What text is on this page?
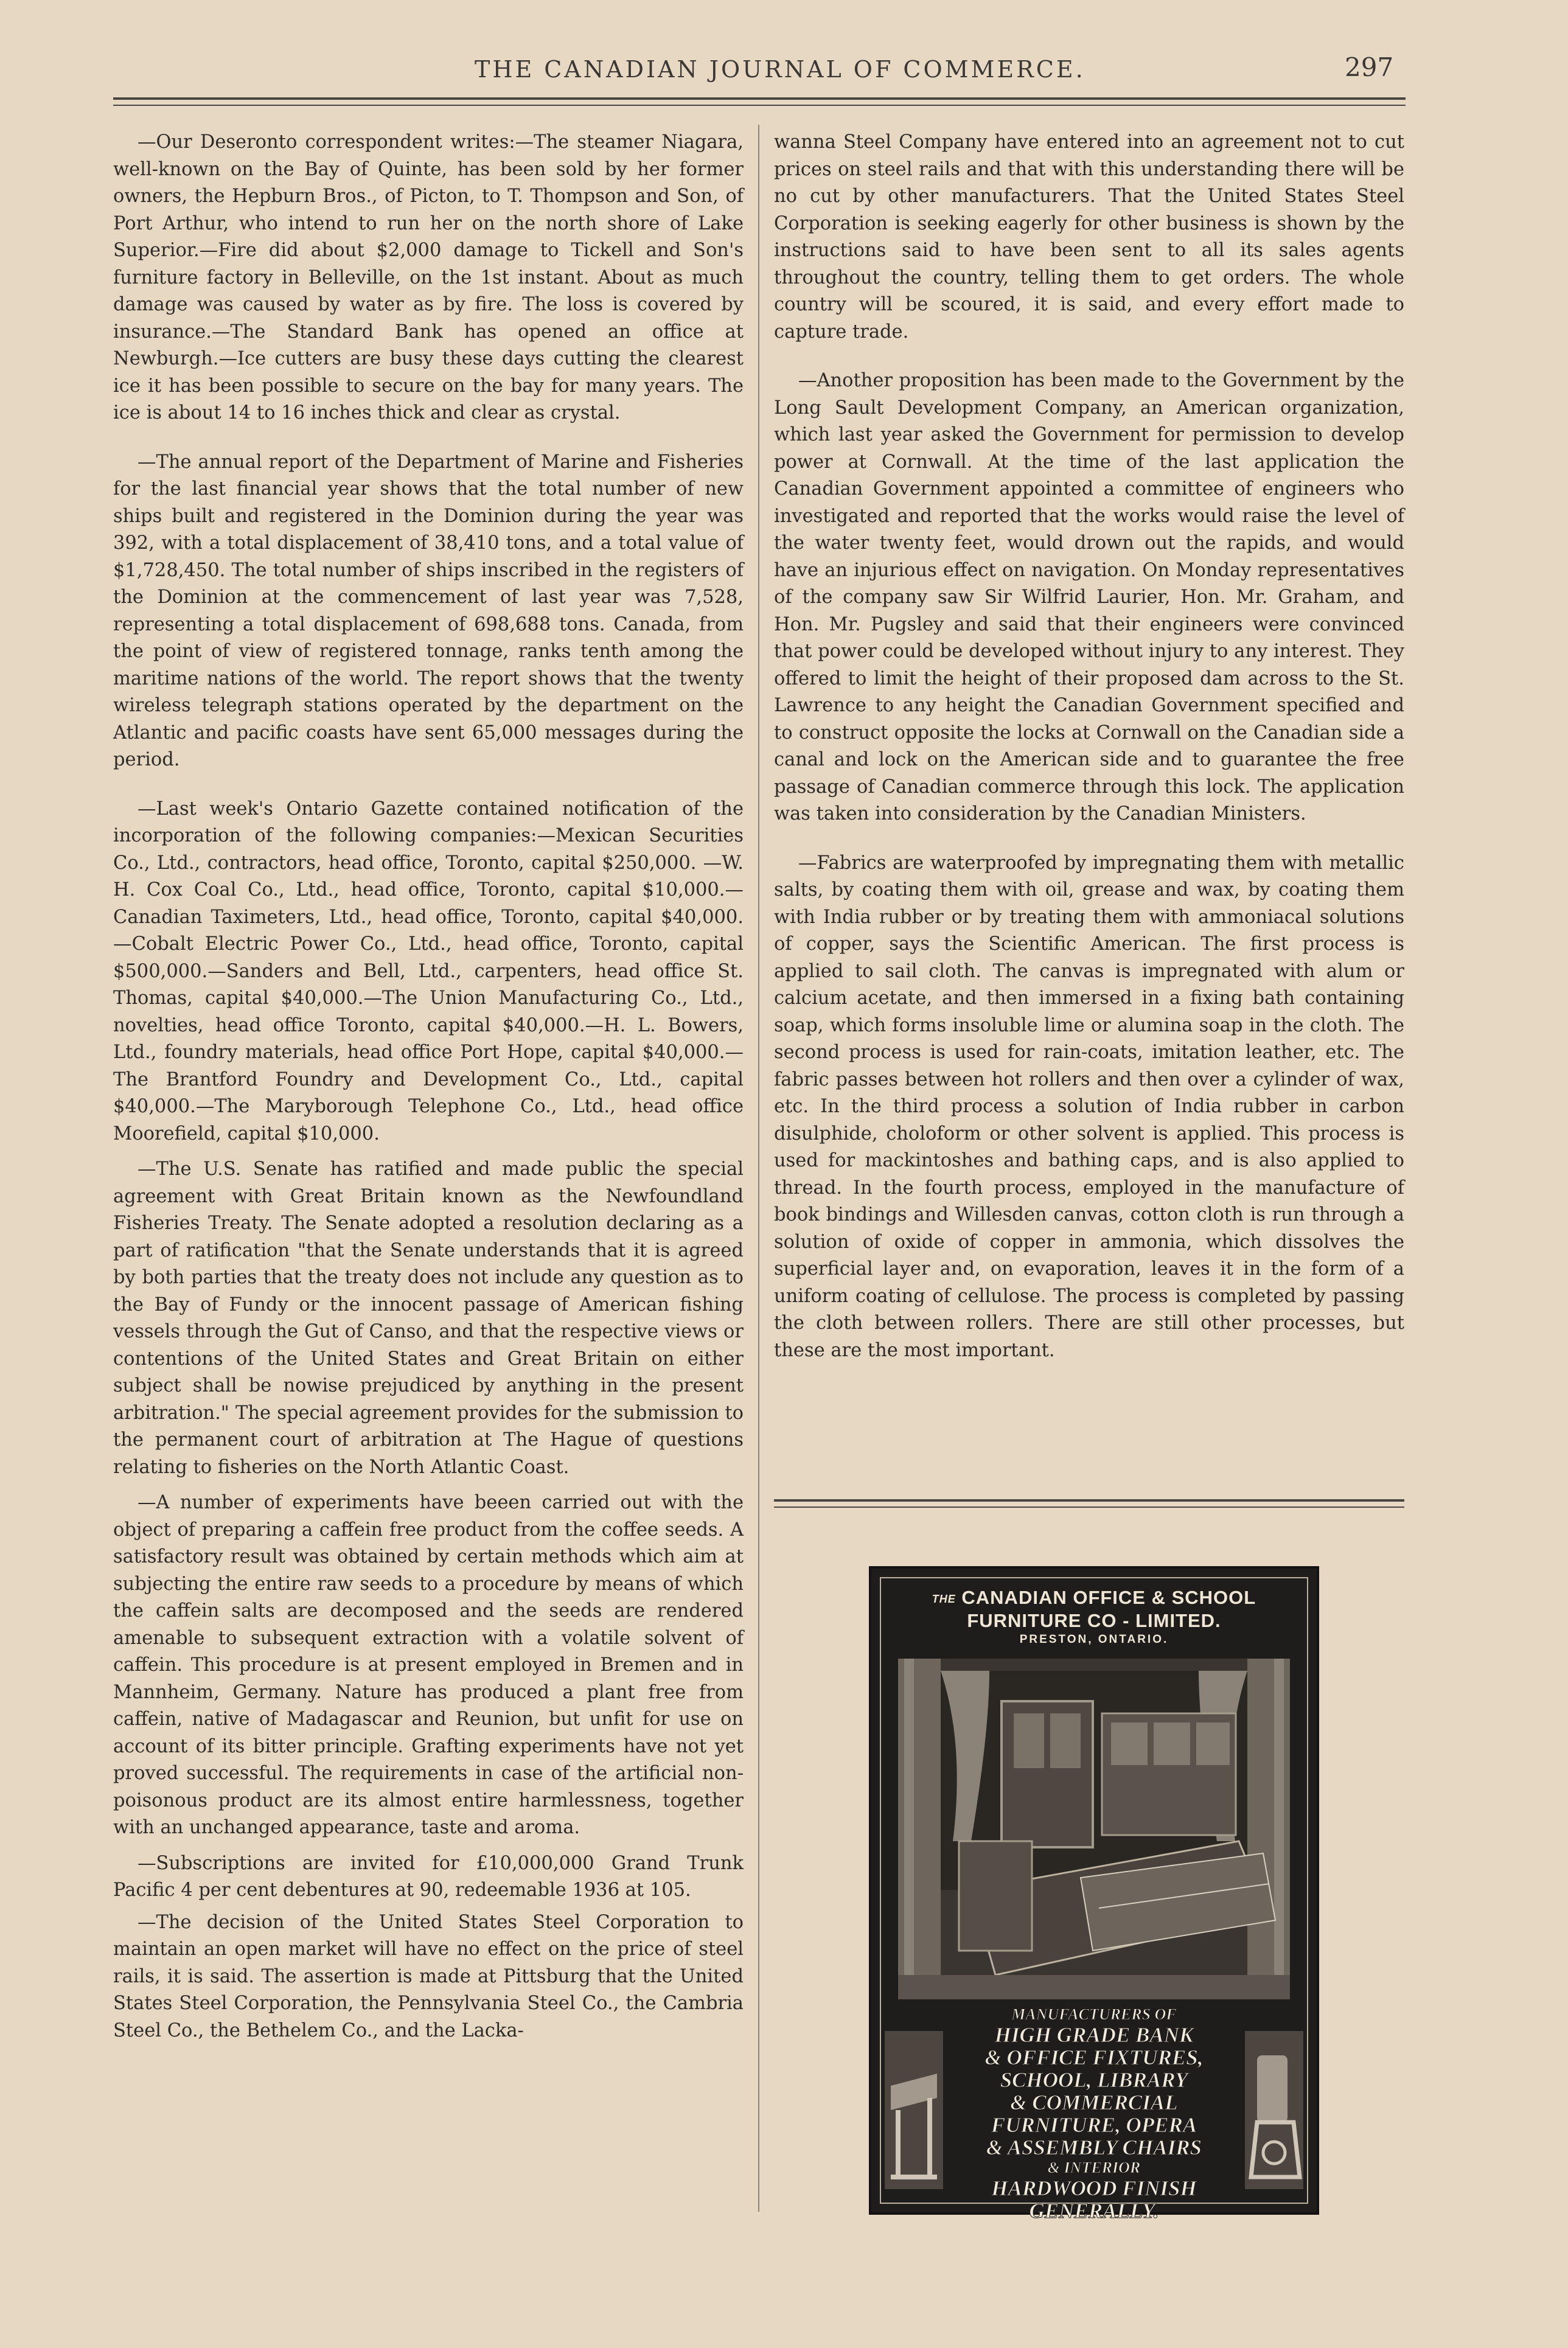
THE CANADIAN JOURNAL OF COMMERCE.	297

—Our Deseronto correspondent writes:—The steamer Niagara, well-known on the Bay of Quinte, has been sold by her former owners, the Hepburn Bros., of Picton, to T. Thompson and Son, of Port Arthur, who intend to run her on the north shore of Lake Superior.—Fire did about $2,000 damage to Tickell and Son's furniture factory in Belleville, on the 1st instant. About as much damage was caused by water as by fire. The loss is covered by insurance.—The Standard Bank has opened an office at Newburgh.—Ice cutters are busy these days cutting the clearest ice it has been possible to secure on the bay for many years. The ice is about 14 to 16 inches thick and clear as crystal.

—The annual report of the Department of Marine and Fisheries for the last financial year shows that the total number of new ships built and registered in the Dominion during the year was 392, with a total displacement of 38,410 tons, and a total value of $1,728,450. The total number of ships inscribed in the registers of the Dominion at the commencement of last year was 7,528, representing a total displacement of 698,688 tons. Canada, from the point of view of registered tonnage, ranks tenth among the maritime nations of the world. The report shows that the twenty wireless telegraph stations operated by the department on the Atlantic and pacific coasts have sent 65,000 messages during the period.

—Last week's Ontario Gazette contained notification of the incorporation of the following companies:—Mexican Securities Co., Ltd., contractors, head office, Toronto, capital $250,000. —W. H. Cox Coal Co., Ltd., head office, Toronto, capital $10,000.—Canadian Taximeters, Ltd., head office, Toronto, capital $40,000.—Cobalt Electric Power Co., Ltd., head office, Toronto, capital $500,000.—Sanders and Bell, Ltd., carpenters, head office St. Thomas, capital $40,000.—The Union Manufacturing Co., Ltd., novelties, head office Toronto, capital $40,000.—H. L. Bowers, Ltd., foundry materials, head office Port Hope, capital $40,000.—The Brantford Foundry and Development Co., Ltd., capital $40,000.—The Maryborough Telephone Co., Ltd., head office Moorefield, capital $10,000.

—The U.S. Senate has ratified and made public the special agreement with Great Britain known as the Newfoundland Fisheries Treaty. The Senate adopted a resolution declaring as a part of ratification "that the Senate understands that it is agreed by both parties that the treaty does not include any question as to the Bay of Fundy or the innocent passage of American fishing vessels through the Gut of Canso, and that the respective views or contentions of the United States and Great Britain on either subject shall be nowise prejudiced by anything in the present arbitration." The special agreement provides for the submission to the permanent court of arbitration at The Hague of questions relating to fisheries on the North Atlantic Coast.

—A number of experiments have beeen carried out with the object of preparing a caffein free product from the coffee seeds. A satisfactory result was obtained by certain methods which aim at subjecting the entire raw seeds to a procedure by means of which the caffein salts are decomposed and the seeds are rendered amenable to subsequent extraction with a volatile solvent of caffein. This procedure is at present employed in Bremen and in Mannheim, Germany. Nature has produced a plant free from caffein, native of Madagascar and Reunion, but unfit for use on account of its bitter principle. Grafting experiments have not yet proved successful. The requirements in case of the artificial non-poisonous product are its almost entire harmlessness, together with an unchanged appearance, taste and aroma.

—Subscriptions are invited for £10,000,000 Grand Trunk Pacific 4 per cent debentures at 90, redeemable 1936 at 105.

—The decision of the United States Steel Corporation to maintain an open market will have no effect on the price of steel rails, it is said. The assertion is made at Pittsburg that the United States Steel Corporation, the Pennsylvania Steel Co., the Cambria Steel Co., the Bethelem Co., and the Lacka-

wanna Steel Company have entered into an agreement not to cut prices on steel rails and that with this understanding there will be no cut by other manufacturers. That the United States Steel Corporation is seeking eagerly for other business is shown by the instructions said to have been sent to all its sales agents throughout the country, telling them to get orders. The whole country will be scoured, it is said, and every effort made to capture trade.

—Another proposition has been made to the Government by the Long Sault Development Company, an American organization, which last year asked the Government for permission to develop power at Cornwall. At the time of the last application the Canadian Government appointed a committee of engineers who investigated and reported that the works would raise the level of the water twenty feet, would drown out the rapids, and would have an injurious effect on navigation. On Monday representatives of the company saw Sir Wilfrid Laurier, Hon. Mr. Graham, and Hon. Mr. Pugsley and said that their engineers were convinced that power could be developed without injury to any interest. They offered to limit the height of their proposed dam across to the St. Lawrence to any height the Canadian Government specified and to construct opposite the locks at Cornwall on the Canadian side a canal and lock on the American side and to guarantee the free passage of Canadian commerce through this lock. The application was taken into consideration by the Canadian Ministers.

—Fabrics are waterproofed by impregnating them with metallic salts, by coating them with oil, grease and wax, by coating them with India rubber or by treating them with ammoniacal solutions of copper, says the Scientific American. The first process is applied to sail cloth. The canvas is impregnated with alum or calcium acetate, and then immersed in a fixing bath containing soap, which forms insoluble lime or alumina soap in the cloth. The second process is used for rain-coats, imitation leather, etc. The fabric passes between hot rollers and then over a cylinder of wax, etc. In the third process a solution of India rubber in carbon disulphide, choloform or other solvent is applied. This process is used for mackintoshes and bathing caps, and is also applied to thread. In the fourth process, employed in the manufacture of book bindings and Willesden canvas, cotton cloth is run through a solution of oxide of copper in ammonia, which dissolves the superficial layer and, on evaporation, leaves it in the form of a uniform coating of cellulose. The process is completed by passing the cloth between rollers. There are still other processes, but these are the most important.

THE CANADIAN OFFICE & SCHOOL
FURNITURE CO - LIMITED.
PRESTON, ONTARIO.
MANUFACTURERS OF
HIGH GRADE BANK
& OFFICE FIXTURES,
SCHOOL, LIBRARY
& COMMERCIAL
FURNITURE, OPERA
& ASSEMBLY CHAIRS
& INTERIOR
HARDWOOD FINISH
GENERALLY.
